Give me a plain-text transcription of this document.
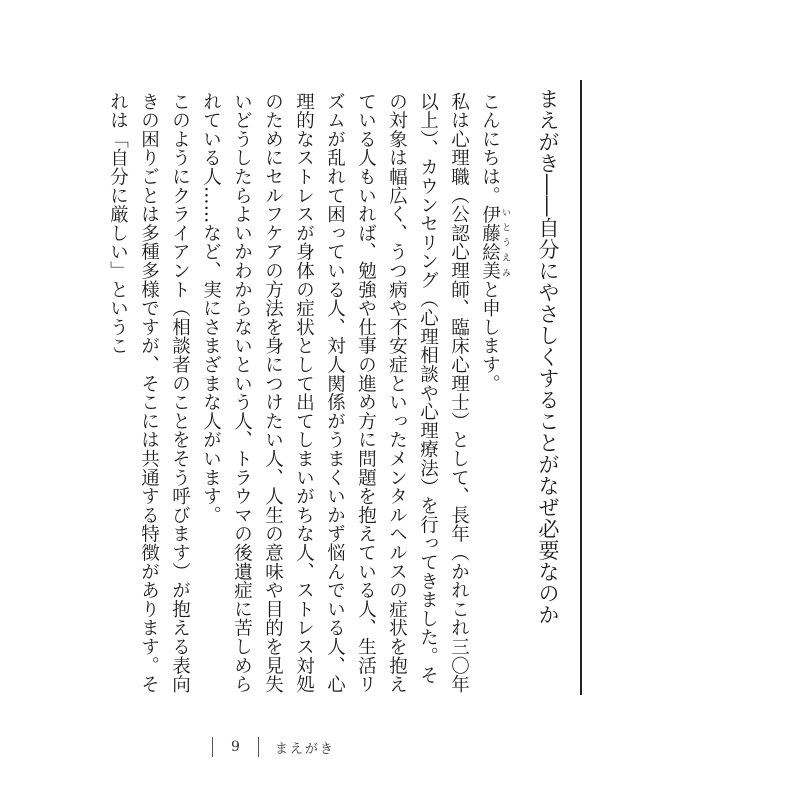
まえがき――自分にやさしくすることがなぜ必要なのか

こんにちは。伊藤絵美 いとうえみと申します。

私は心理職（公認心理師、臨床心理士）として、長年（かれこれ三〇年以上）、カウンセリング（心理相談や心理療法）を行ってきました。その対象は幅広く、うつ病や不安症といったメンタルヘルスの症状を抱えている人もいれば、勉強や仕事の進め方に問題を抱えている人、生活リズムが乱れて困っている人、対人関係がうまくいかず悩んでいる人、心理的なストレスが身体の症状として出てしまいがちな人、ストレス対処のためにセルフケアの方法を身につけたい人、人生の意味や目的を見失いどうしたらよいかわからないという人、トラウマの後遺症に苦しめられている人……など、実にさまざまな人がいます。

このようにクライアント（相談者のことをそう呼びます）が抱える表向きの困りごとは多種多様ですが、そこには共通する特徴があります。それは「自分に厳しい」というこ

9	まえがき
